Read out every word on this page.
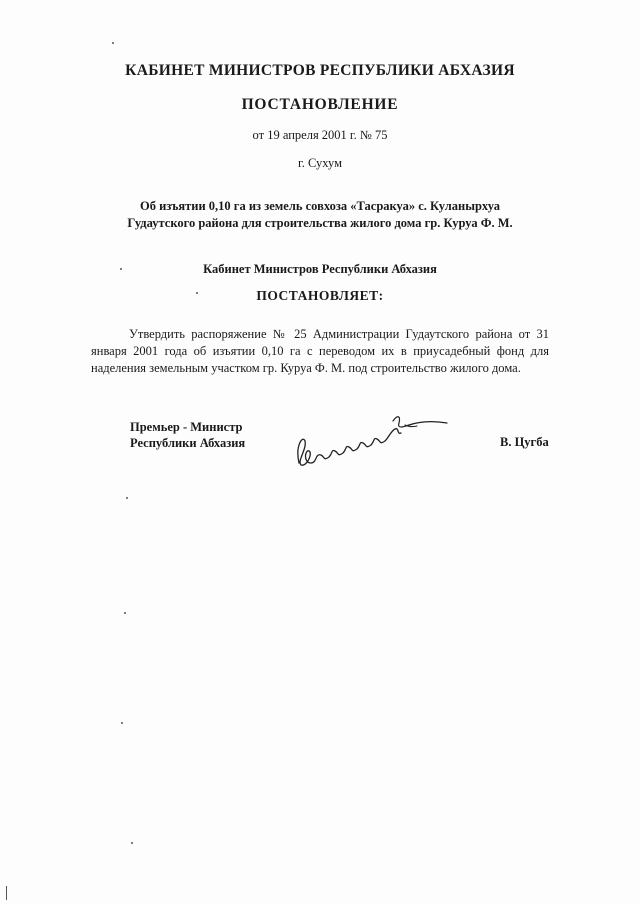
КАБИНЕТ МИНИСТРОВ РЕСПУБЛИКИ АБХАЗИЯ
ПОСТАНОВЛЕНИЕ
от 19 апреля 2001 г. № 75
г. Сухум
Об изъятии 0,10 га из земель совхоза «Тасракуа» с. Куланырхуа
Гудаутского района для строительства жилого дома гр. Куруа Ф. М.
Кабинет Министров Республики Абхазия
ПОСТАНОВЛЯЕТ:
Утвердить распоряжение № 25 Администрации Гудаутского района от 31 января 2001 года об изъятии 0,10 га с переводом их в приусадебный фонд для наделения земельным участком гр. Куруа Ф. М. под строительство жилого дома.
Премьер - Министр
Республики Абхазия	В. Цугба
